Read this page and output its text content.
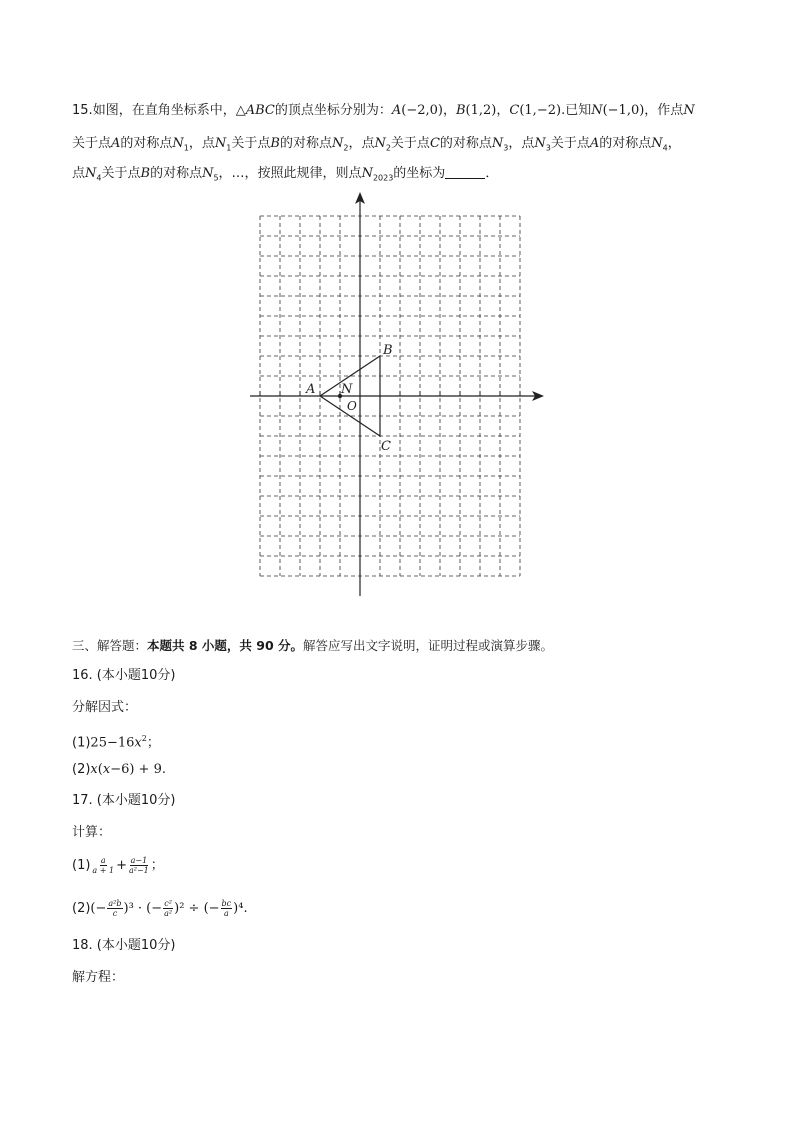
15.如图，在直角坐标系中，△ABC的顶点坐标分别为：A(−2,0)，B(1,2)，C(1,−2).已知N(−1,0)，作点N
关于点A的对称点$N_1$，点$N_1$关于点B的对称点$N_2$，点$N_2$关于点C的对称点$N_3$，点$N_3$关于点A的对称点$N_4$，
点$N_4$关于点B的对称点$N_5$，…，按照此规律，则点$N_{2023}$的坐标为	．
A
B
C
N
O
三、解答题：本题共 8 小题，共 90 分。解答应写出文字说明，证明过程或演算步骤。
16. (本小题10分)
分解因式：
$(1)25-16x^2$；
(2)x(x−6) + 9.
17. (本小题10分)
计算：
$(1) \frac{a}{a + 1} + \frac{a-1}{\text{a²−1}}$ ；
$(2)(- \frac{\text{a²b}}{c} )^3$ · (− $\frac{\text{c²}}{\text{a²}} )^2$ ÷ (− $\frac{bc}{a} )^4$.
18. (本小题10分)
解方程：
